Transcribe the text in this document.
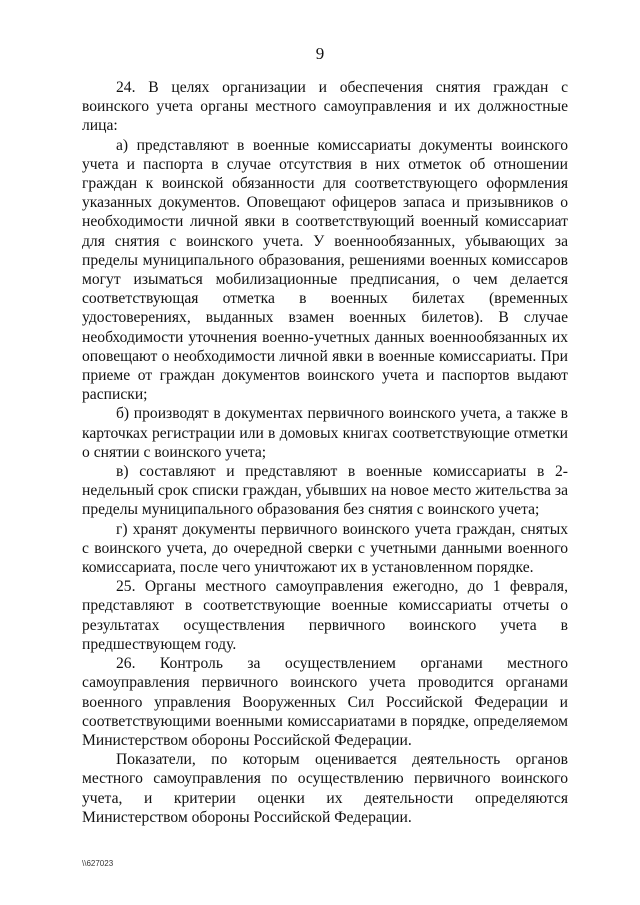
9

24. В целях организации и обеспечения снятия граждан с воинского учета органы местного самоуправления и их должностные лица:

а) представляют в военные комиссариаты документы воинского учета и паспорта в случае отсутствия в них отметок об отношении граждан к воинской обязанности для соответствующего оформления указанных документов. Оповещают офицеров запаса и призывников о необходимости личной явки в соответствующий военный комиссариат для снятия с воинского учета. У военнообязанных, убывающих за пределы муниципального образования, решениями военных комиссаров могут изыматься мобилизационные предписания, о чем делается соответствующая отметка в военных билетах (временных удостоверениях, выданных взамен военных билетов). В случае необходимости уточнения военно-учетных данных военнообязанных их оповещают о необходимости личной явки в военные комиссариаты. При приеме от граждан документов воинского учета и паспортов выдают расписки;

б) производят в документах первичного воинского учета, а также в карточках регистрации или в домовых книгах соответствующие отметки о снятии с воинского учета;

в) составляют и представляют в военные комиссариаты в 2-недельный срок списки граждан, убывших на новое место жительства за пределы муниципального образования без снятия с воинского учета;

г) хранят документы первичного воинского учета граждан, снятых с воинского учета, до очередной сверки с учетными данными военного комиссариата, после чего уничтожают их в установленном порядке.

25. Органы местного самоуправления ежегодно, до 1 февраля, представляют в соответствующие военные комиссариаты отчеты о результатах осуществления первичного воинского учета в предшествующем году.

26. Контроль за осуществлением органами местного самоуправления первичного воинского учета проводится органами военного управления Вооруженных Сил Российской Федерации и соответствующими военными комиссариатами в порядке, определяемом Министерством обороны Российской Федерации.

Показатели, по которым оценивается деятельность органов местного самоуправления по осуществлению первичного воинского учета, и критерии оценки их деятельности определяются Министерством обороны Российской Федерации.

\\627023
